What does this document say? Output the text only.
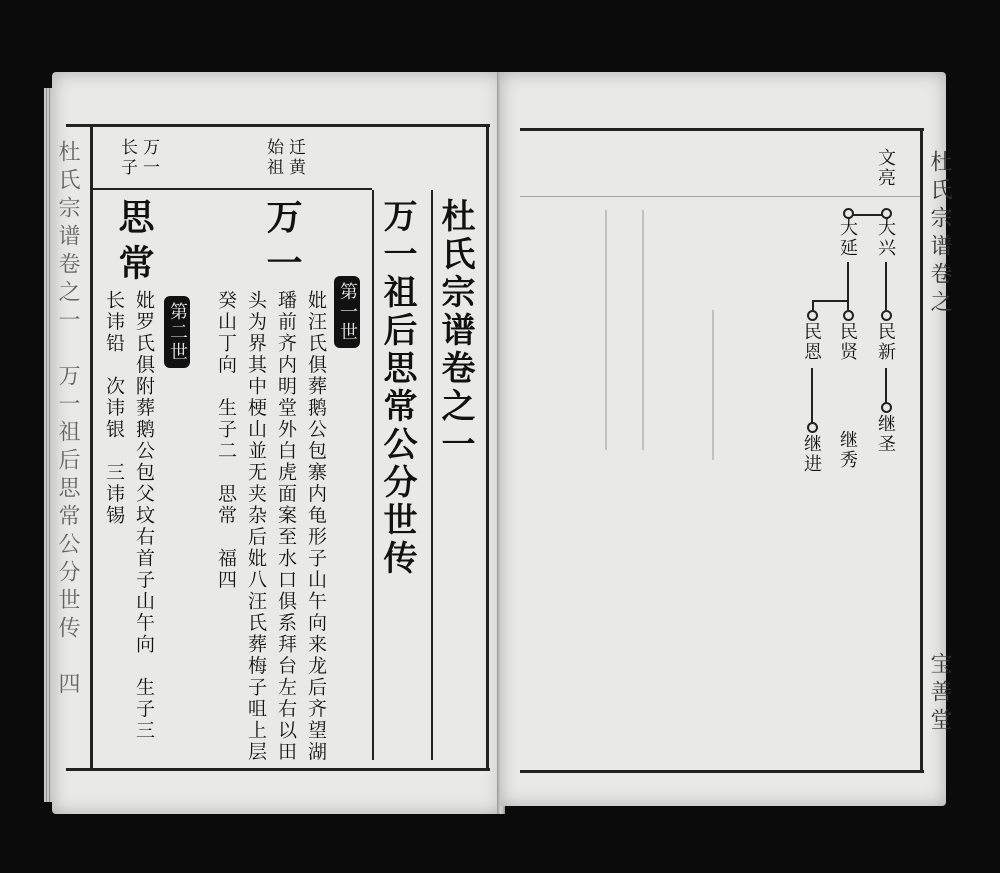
杜氏宗谱卷之一　万一祖后思常公分世传　四	迁黄
始祖
万一
长子
杜氏宗谱卷之一
万一祖后思常公分世传
万一
思常
第一世
第二世	妣汪氏俱葬鹅公包寨内龟形子山午向来龙后齐望湖
璠前齐内明堂外白虎面案至水口俱系拜台左右以田
头为界其中梗山並无夹杂后妣八汪氏葬梅子咀上层
癸山丁向　生子二　思常　福四
妣罗氏俱附葬鹅公包父坟右首子山午向　生子三
长讳铅　次讳银　三讳锡
杜氏宗谱卷之
宝善堂
文亮
大兴
民新
继圣
大延
民贤
继秀
民恩
继进
